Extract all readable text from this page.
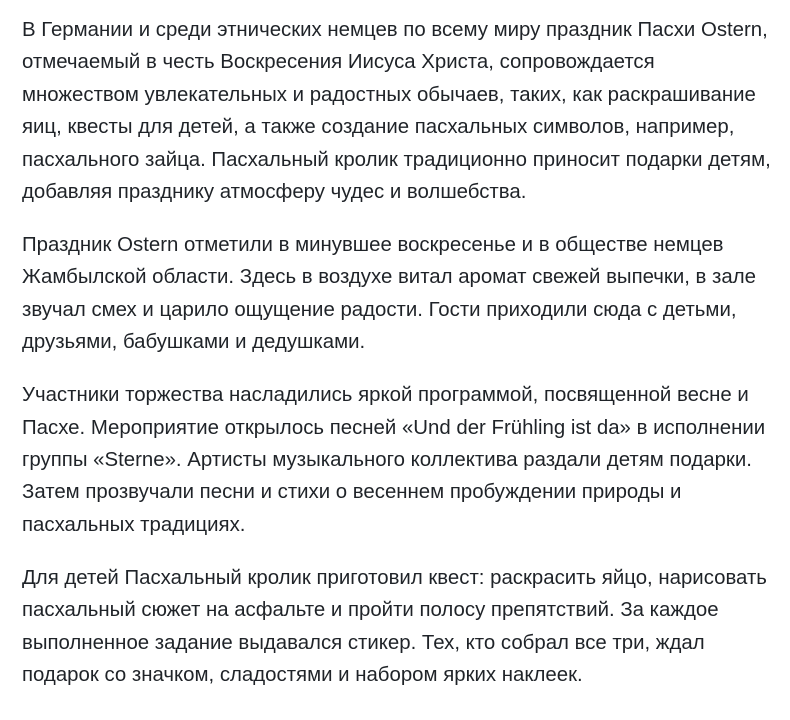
В Германии и среди этнических немцев по всему миру праздник Пасхи Ostern, отмечаемый в честь Воскресения Иисуса Христа, сопровождается множеством увлекательных и радостных обычаев, таких, как раскрашивание яиц, квесты для детей, а также создание пасхальных символов, например, пасхального зайца. Пасхальный кролик традиционно приносит подарки детям, добавляя празднику атмосферу чудес и волшебства.

Праздник Ostern отметили в минувшее воскресенье и в обществе немцев Жамбылской области. Здесь в воздухе витал аромат свежей выпечки, в зале звучал смех и царило ощущение радости. Гости приходили сюда с детьми, друзьями, бабушками и дедушками.

Участники торжества насладились яркой программой, посвященной весне и Пасхе. Мероприятие открылось песней «Und der Frühling ist da» в исполнении группы «Sterne». Артисты музыкального коллектива раздали детям подарки. Затем прозвучали песни и стихи о весеннем пробуждении природы и пасхальных традициях.

Для детей Пасхальный кролик приготовил квест: раскрасить яйцо, нарисовать пасхальный сюжет на асфальте и пройти полосу препятствий. За каждое выполненное задание выдавался стикер. Тех, кто собрал все три, ждал подарок со значком, сладостями и набором ярких наклеек.
